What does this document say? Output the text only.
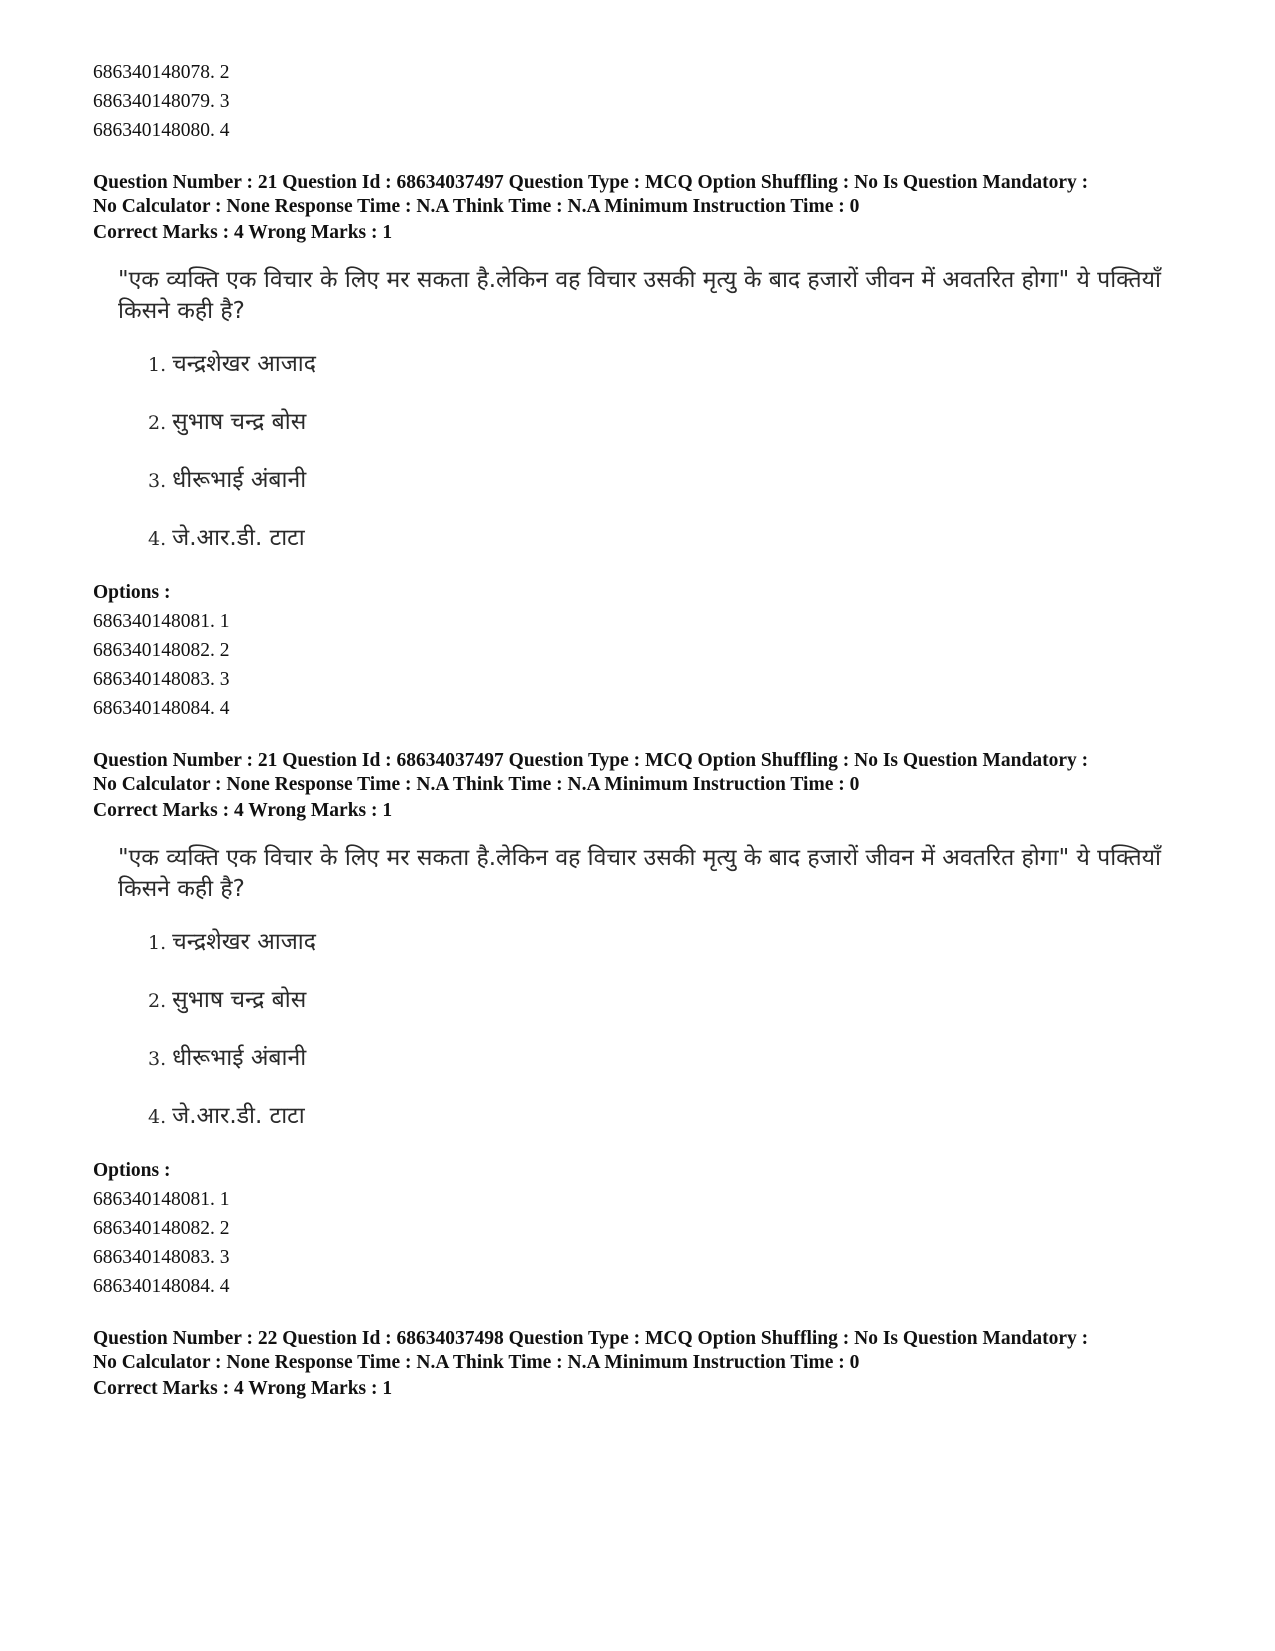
686340148078. 2
686340148079. 3
686340148080. 4
Question Number : 21 Question Id : 68634037497 Question Type : MCQ Option Shuffling : No Is Question Mandatory :
No Calculator : None Response Time : N.A Think Time : N.A Minimum Instruction Time : 0
Correct Marks : 4 Wrong Marks : 1
"एक व्यक्ति एक विचार के लिए मर सकता है.लेकिन वह विचार उसकी मृत्यु के बाद हजारों जीवन में अवतरित होगा" ये पक्तियाँ किसने कही है?
1. चन्द्रशेखर आजाद
2. सुभाष चन्द्र बोस
3. धीरूभाई अंबानी
4. जे.आर.डी. टाटा
Options :
686340148081. 1
686340148082. 2
686340148083. 3
686340148084. 4
Question Number : 21 Question Id : 68634037497 Question Type : MCQ Option Shuffling : No Is Question Mandatory :
No Calculator : None Response Time : N.A Think Time : N.A Minimum Instruction Time : 0
Correct Marks : 4 Wrong Marks : 1
"एक व्यक्ति एक विचार के लिए मर सकता है.लेकिन वह विचार उसकी मृत्यु के बाद हजारों जीवन में अवतरित होगा" ये पक्तियाँ किसने कही है?
1. चन्द्रशेखर आजाद
2. सुभाष चन्द्र बोस
3. धीरूभाई अंबानी
4. जे.आर.डी. टाटा
Options :
686340148081. 1
686340148082. 2
686340148083. 3
686340148084. 4
Question Number : 22 Question Id : 68634037498 Question Type : MCQ Option Shuffling : No Is Question Mandatory :
No Calculator : None Response Time : N.A Think Time : N.A Minimum Instruction Time : 0
Correct Marks : 4 Wrong Marks : 1
